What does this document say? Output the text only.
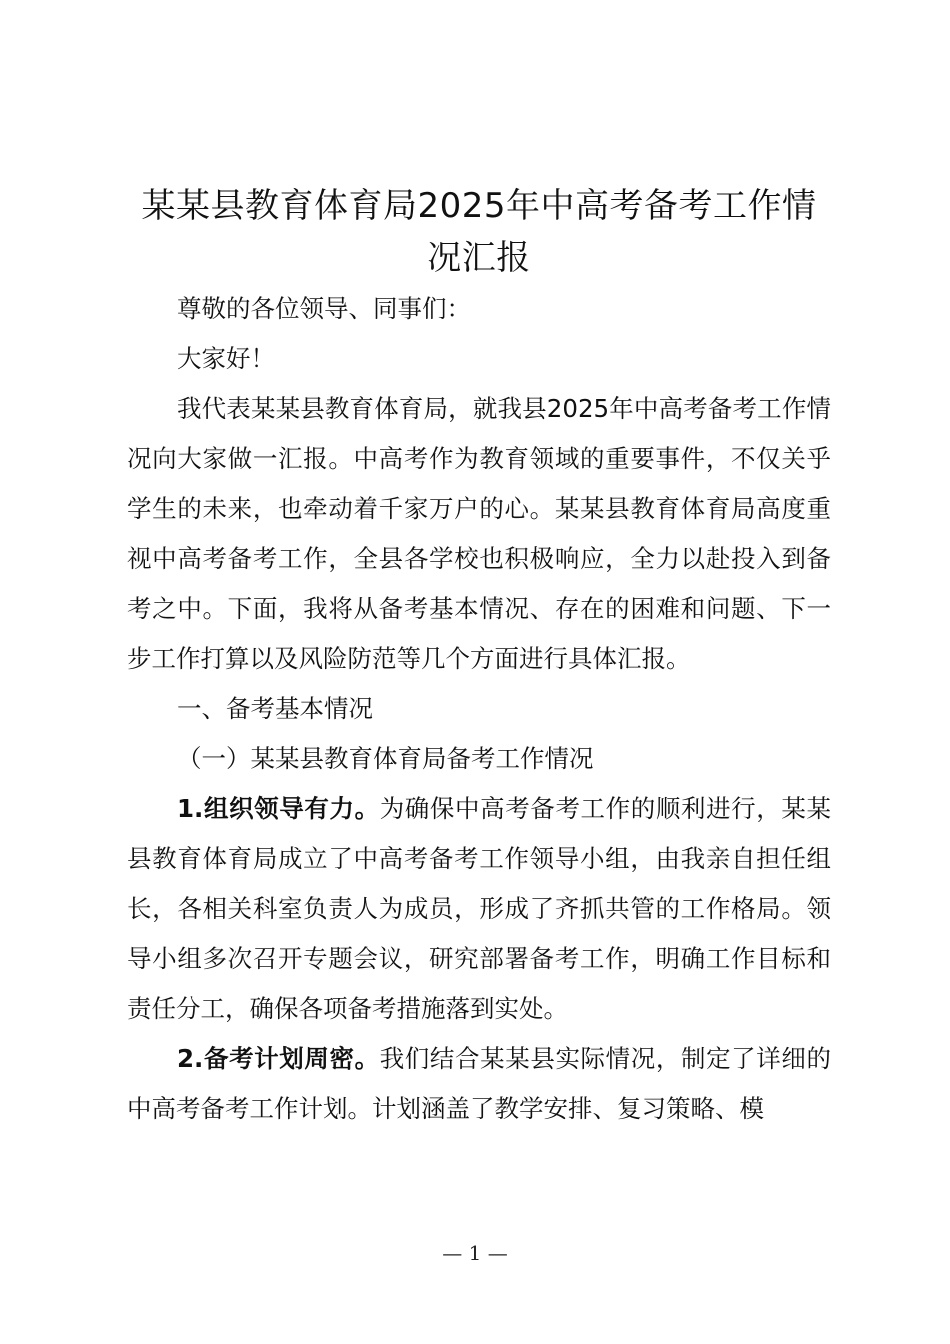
某某县教育体育局2025年中高考备考工作情况汇报

尊敬的各位领导、同事们：

大家好！

我代表某某县教育体育局，就我县2025年中高考备考工作情况向大家做一汇报。中高考作为教育领域的重要事件，不仅关乎学生的未来，也牵动着千家万户的心。某某县教育体育局高度重视中高考备考工作，全县各学校也积极响应，全力以赴投入到备考之中。下面，我将从备考基本情况、存在的困难和问题、下一步工作打算以及风险防范等几个方面进行具体汇报。

一、备考基本情况

（一）某某县教育体育局备考工作情况

1.组织领导有力。为确保中高考备考工作的顺利进行，某某县教育体育局成立了中高考备考工作领导小组，由我亲自担任组长，各相关科室负责人为成员，形成了齐抓共管的工作格局。领导小组多次召开专题会议，研究部署备考工作，明确工作目标和责任分工，确保各项备考措施落到实处。

2.备考计划周密。我们结合某某县实际情况，制定了详细的中高考备考工作计划。计划涵盖了教学安排、复习策略、模

— 1 —
